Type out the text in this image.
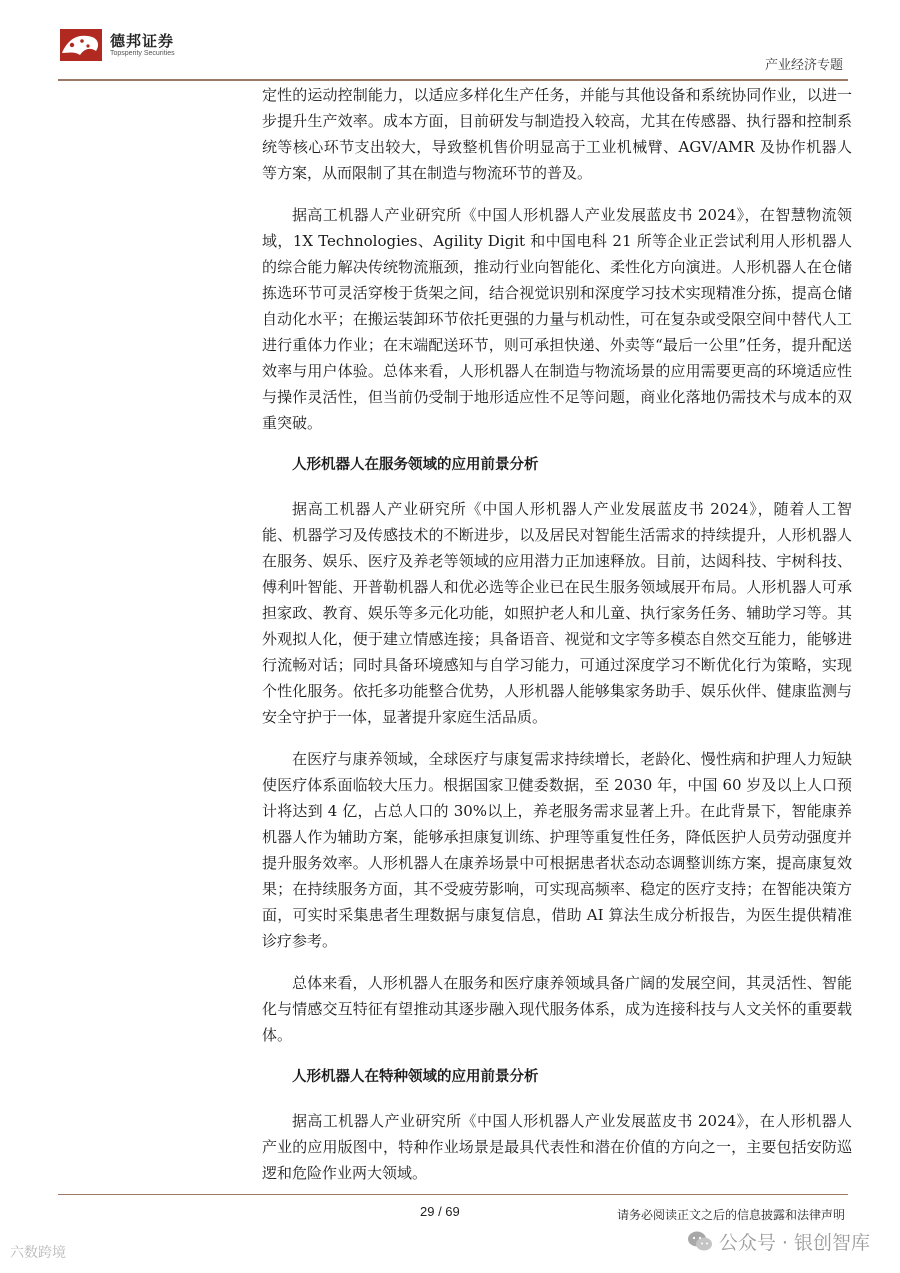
德邦证券
Topsperity Securities
产业经济专题

定性的运动控制能力，以适应多样化生产任务，并能与其他设备和系统协同作业，以进一步提升生产效率。成本方面，目前研发与制造投入较高，尤其在传感器、执行器和控制系统等核心环节支出较大，导致整机售价明显高于工业机械臂、AGV/AMR 及协作机器人等方案，从而限制了其在制造与物流环节的普及。

据高工机器人产业研究所《中国人形机器人产业发展蓝皮书 2024》，在智慧物流领域，1X Technologies、Agility Digit 和中国电科 21 所等企业正尝试利用人形机器人的综合能力解决传统物流瓶颈，推动行业向智能化、柔性化方向演进。人形机器人在仓储拣选环节可灵活穿梭于货架之间，结合视觉识别和深度学习技术实现精准分拣，提高仓储自动化水平；在搬运装卸环节依托更强的力量与机动性，可在复杂或受限空间中替代人工进行重体力作业；在末端配送环节，则可承担快递、外卖等“最后一公里”任务，提升配送效率与用户体验。总体来看，人形机器人在制造与物流场景的应用需要更高的环境适应性与操作灵活性，但当前仍受制于地形适应性不足等问题，商业化落地仍需技术与成本的双重突破。

人形机器人在服务领域的应用前景分析

据高工机器人产业研究所《中国人形机器人产业发展蓝皮书 2024》，随着人工智能、机器学习及传感技术的不断进步，以及居民对智能生活需求的持续提升，人形机器人在服务、娱乐、医疗及养老等领域的应用潜力正加速释放。目前，达闼科技、宇树科技、傅利叶智能、开普勒机器人和优必选等企业已在民生服务领域展开布局。人形机器人可承担家政、教育、娱乐等多元化功能，如照护老人和儿童、执行家务任务、辅助学习等。其外观拟人化，便于建立情感连接；具备语音、视觉和文字等多模态自然交互能力，能够进行流畅对话；同时具备环境感知与自学习能力，可通过深度学习不断优化行为策略，实现个性化服务。依托多功能整合优势，人形机器人能够集家务助手、娱乐伙伴、健康监测与安全守护于一体，显著提升家庭生活品质。

在医疗与康养领域，全球医疗与康复需求持续增长，老龄化、慢性病和护理人力短缺使医疗体系面临较大压力。根据国家卫健委数据，至 2030 年，中国 60 岁及以上人口预计将达到 4 亿，占总人口的 30%以上，养老服务需求显著上升。在此背景下，智能康养机器人作为辅助方案，能够承担康复训练、护理等重复性任务，降低医护人员劳动强度并提升服务效率。人形机器人在康养场景中可根据患者状态动态调整训练方案，提高康复效果；在持续服务方面，其不受疲劳影响，可实现高频率、稳定的医疗支持；在智能决策方面，可实时采集患者生理数据与康复信息，借助 AI 算法生成分析报告，为医生提供精准诊疗参考。

总体来看，人形机器人在服务和医疗康养领域具备广阔的发展空间，其灵活性、智能化与情感交互特征有望推动其逐步融入现代服务体系，成为连接科技与人文关怀的重要载体。

人形机器人在特种领域的应用前景分析

据高工机器人产业研究所《中国人形机器人产业发展蓝皮书 2024》，在人形机器人产业的应用版图中，特种作业场景是最具代表性和潜在价值的方向之一，主要包括安防巡逻和危险作业两大领域。

29 / 69	请务必阅读正文之后的信息披露和法律声明
六数跨境	公众号 · 银创智库
